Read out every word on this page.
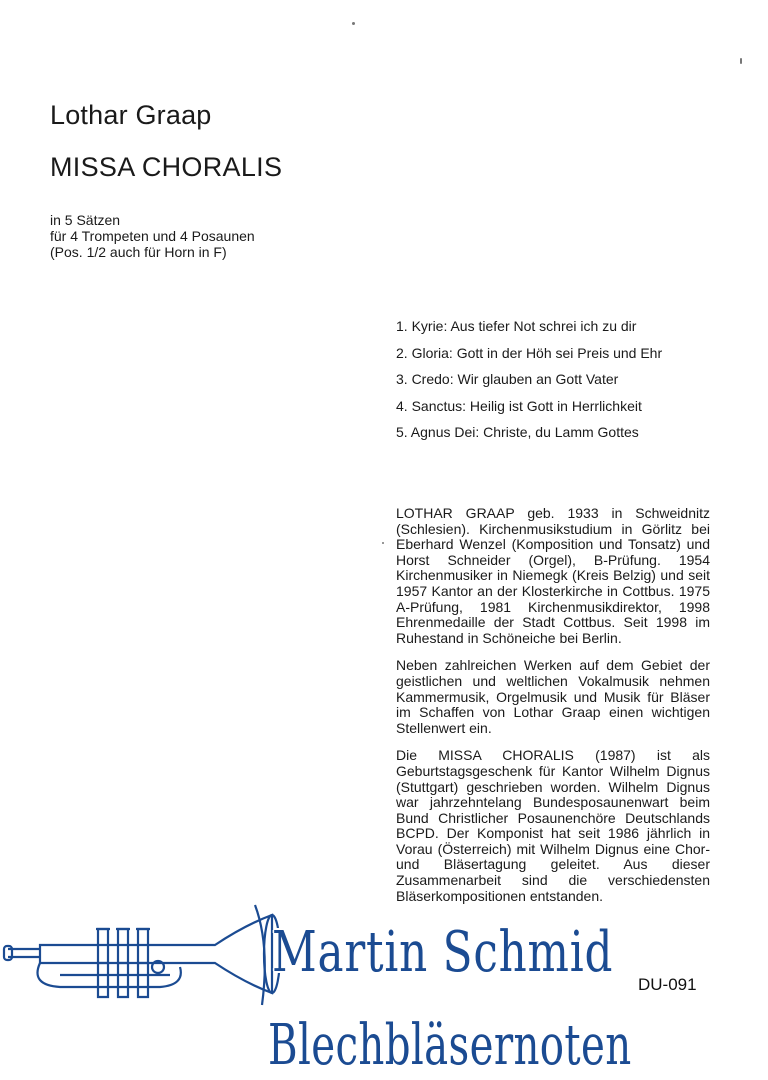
Lothar Graap
MISSA CHORALIS
in 5 Sätzen
für 4 Trompeten und 4 Posaunen
(Pos. 1/2 auch für Horn in F)
1. Kyrie: Aus tiefer Not schrei ich zu dir
2. Gloria: Gott in der Höh sei Preis und Ehr
3. Credo: Wir glauben an Gott Vater
4. Sanctus: Heilig ist Gott in Herrlichkeit
5. Agnus Dei: Christe, du Lamm Gottes

LOTHAR GRAAP geb. 1933 in Schweidnitz (Schlesien). Kirchenmusikstudium in Görlitz bei Eberhard Wenzel (Komposition und Tonsatz) und Horst Schneider (Orgel), B-Prüfung. 1954 Kirchenmusiker in Niemegk (Kreis Belzig) und seit 1957 Kantor an der Klosterkirche in Cottbus. 1975 A-Prüfung, 1981 Kirchenmusikdirektor, 1998 Ehrenmedaille der Stadt Cottbus. Seit 1998 im Ruhestand in Schöneiche bei Berlin.

Neben zahlreichen Werken auf dem Gebiet der geistlichen und weltlichen Vokalmusik nehmen Kammermusik, Orgelmusik und Musik für Bläser im Schaffen von Lothar Graap einen wichtigen Stellenwert ein.

Die MISSA CHORALIS (1987) ist als Geburtstagsgeschenk für Kantor Wilhelm Dignus (Stuttgart) geschrieben worden. Wilhelm Dignus war jahrzehntelang Bundesposaunenwart beim Bund Christlicher Posaunenchöre Deutschlands BCPD. Der Komponist hat seit 1986 jährlich in Vorau (Österreich) mit Wilhelm Dignus eine Chor- und Bläsertagung geleitet. Aus dieser Zusammenarbeit sind die verschiedensten Bläserkompositionen entstanden.

DU-091
Martin Schmid
Blechbläsernoten
